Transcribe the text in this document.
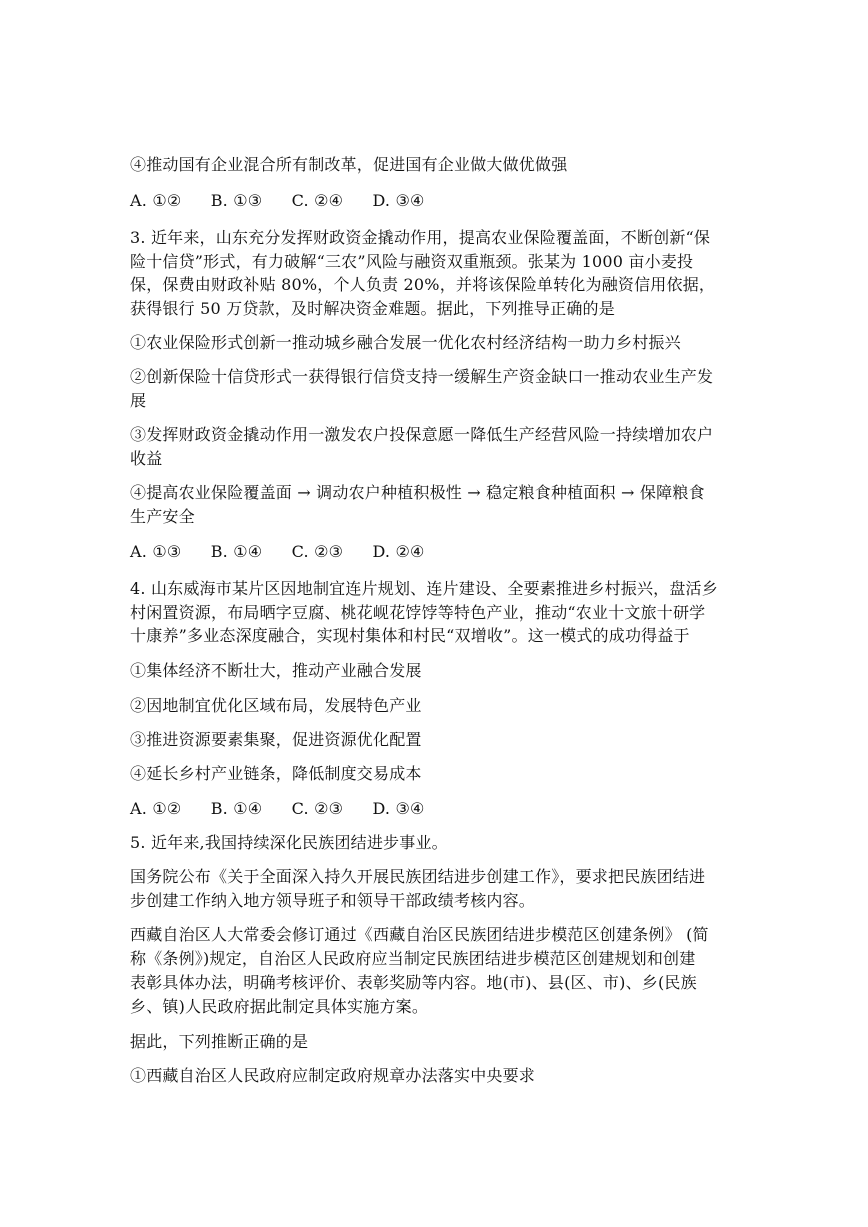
④推动国有企业混合所有制改革，促进国有企业做大做优做强
A. ①② B. ①③ C. ②④ D. ③④
3. 近年来，山东充分发挥财政资金撬动作用，提高农业保险覆盖面，不断创新“保
险十信贷”形式，有力破解“三农”风险与融资双重瓶颈。张某为 1000 亩小麦投
保，保费由财政补贴 80%，个人负责 20%，并将该保险单转化为融资信用依据，
获得银行 50 万贷款，及时解决资金难题。据此，下列推导正确的是
①农业保险形式创新一推动城乡融合发展一优化农村经济结构一助力乡村振兴
②创新保险十信贷形式一获得银行信贷支持一缓解生产资金缺口一推动农业生产发
展
③发挥财政资金撬动作用一激发农户投保意愿一降低生产经营风险一持续增加农户
收益
④提高农业保险覆盖面 → 调动农户种植积极性 → 稳定粮食种植面积 → 保障粮食
生产安全
A. ①③ B. ①④ C. ②③ D. ②④
4. 山东威海市某片区因地制宜连片规划、连片建设、全要素推进乡村振兴，盘活乡
村闲置资源，布局晒字豆腐、桃花岘花饽饽等特色产业，推动“农业十文旅十研学
十康养”多业态深度融合，实现村集体和村民“双增收”。这一模式的成功得益于
①集体经济不断壮大，推动产业融合发展
②因地制宜优化区域布局，发展特色产业
③推进资源要素集聚，促进资源优化配置
④延长乡村产业链条，降低制度交易成本
A. ①② B. ①④ C. ②③ D. ③④
5. 近年来,我国持续深化民族团结进步事业。
国务院公布《关于全面深入持久开展民族团结进步创建工作》，要求把民族团结进
步创建工作纳入地方领导班子和领导干部政绩考核内容。
西藏自治区人大常委会修订通过《西藏自治区民族团结进步模范区创建条例》 (简
称《条例》)规定，自治区人民政府应当制定民族团结进步模范区创建规划和创建
表彰具体办法，明确考核评价、表彰奖励等内容。地(市)、县(区、市)、乡(民族
乡、镇)人民政府据此制定具体实施方案。
据此，下列推断正确的是
①西藏自治区人民政府应制定政府规章办法落实中央要求
